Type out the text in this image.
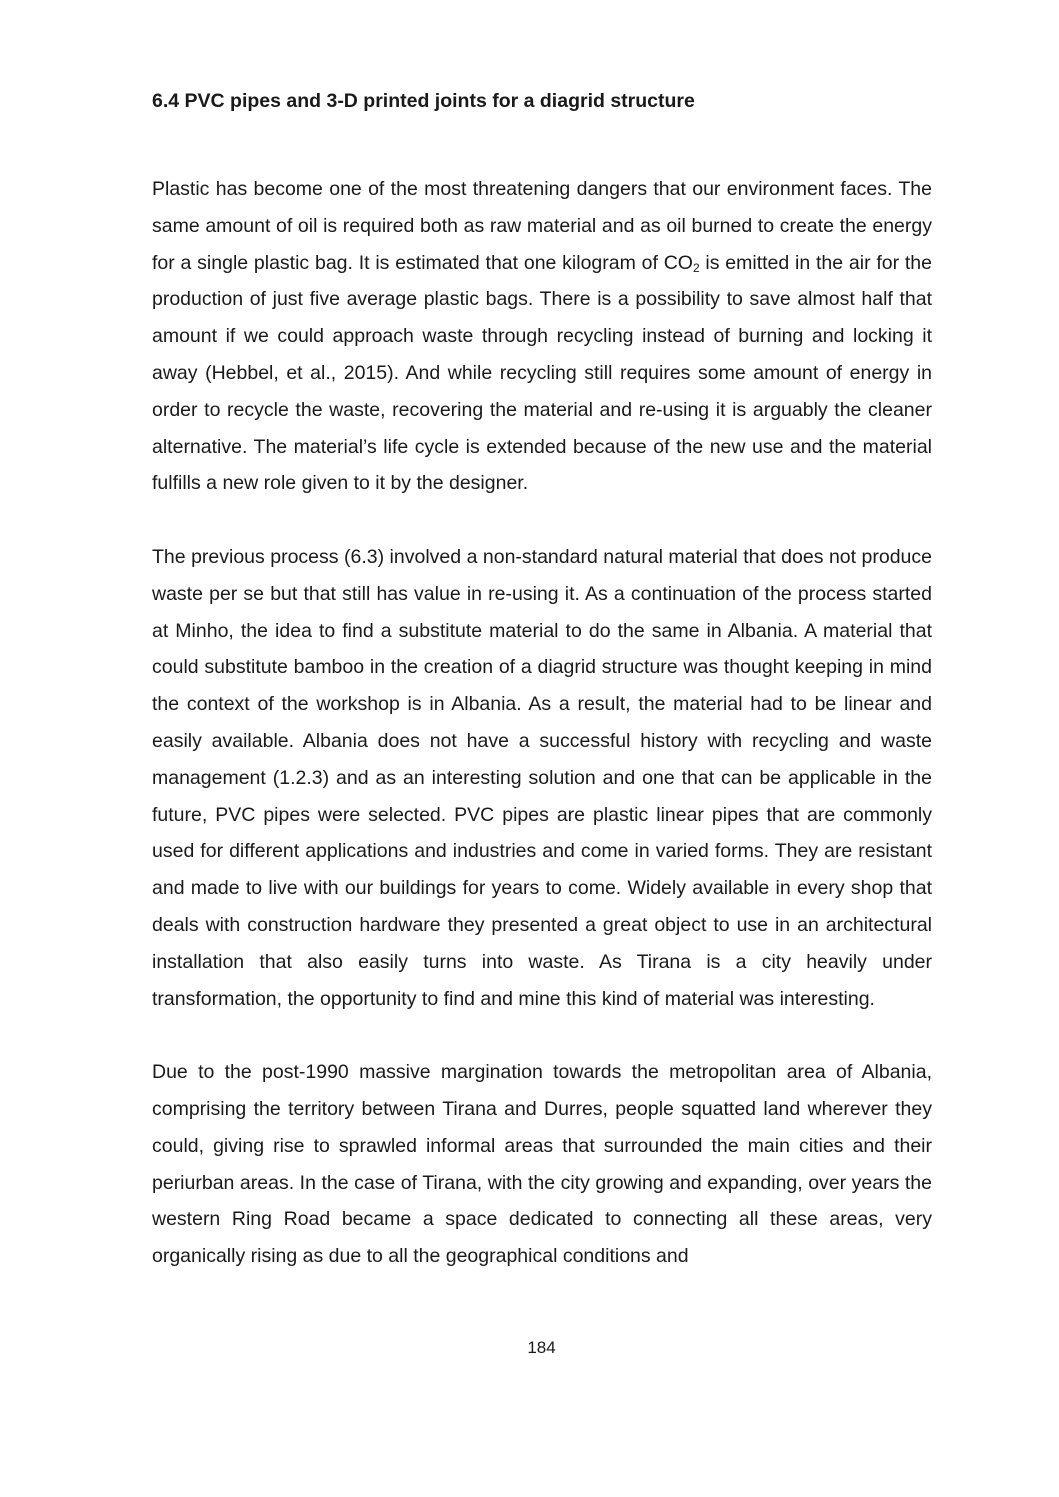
6.4 PVC pipes and 3-D printed joints for a diagrid structure

Plastic has become one of the most threatening dangers that our environment faces. The same amount of oil is required both as raw material and as oil burned to create the energy for a single plastic bag. It is estimated that one kilogram of $CO_2$ is emitted in the air for the production of just five average plastic bags. There is a possibility to save almost half that amount if we could approach waste through recycling instead of burning and locking it away (Hebbel, et al., 2015). And while recycling still requires some amount of energy in order to recycle the waste, recovering the material and re-using it is arguably the cleaner alternative. The material’s life cycle is extended because of the new use and the material fulfills a new role given to it by the designer.

The previous process (6.3) involved a non-standard natural material that does not produce waste per se but that still has value in re-using it. As a continuation of the process started at Minho, the idea to find a substitute material to do the same in Albania. A material that could substitute bamboo in the creation of a diagrid structure was thought keeping in mind the context of the workshop is in Albania. As a result, the material had to be linear and easily available. Albania does not have a successful history with recycling and waste management (1.2.3) and as an interesting solution and one that can be applicable in the future, PVC pipes were selected. PVC pipes are plastic linear pipes that are commonly used for different applications and industries and come in varied forms. They are resistant and made to live with our buildings for years to come. Widely available in every shop that deals with construction hardware they presented a great object to use in an architectural installation that also easily turns into waste. As Tirana is a city heavily under transformation, the opportunity to find and mine this kind of material was interesting.

Due to the post-1990 massive margination towards the metropolitan area of Albania, comprising the territory between Tirana and Durres, people squatted land wherever they could, giving rise to sprawled informal areas that surrounded the main cities and their periurban areas. In the case of Tirana, with the city growing and expanding, over years the western Ring Road became a space dedicated to connecting all these areas, very organically rising as due to all the geographical conditions and

184
